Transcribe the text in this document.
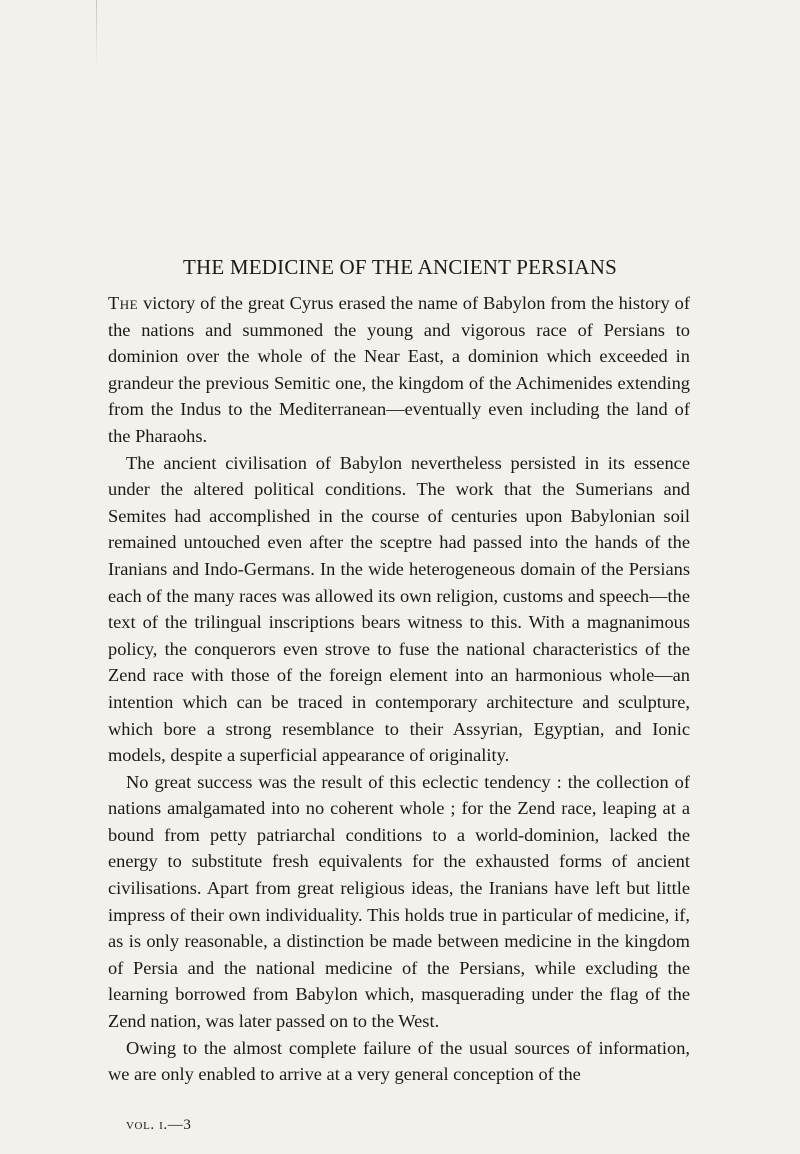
THE MEDICINE OF THE ANCIENT PERSIANS

The victory of the great Cyrus erased the name of Babylon from the history of the nations and summoned the young and vigorous race of Persians to dominion over the whole of the Near East, a dominion which exceeded in grandeur the previous Semitic one, the kingdom of the Achimenides extending from the Indus to the Mediterranean—eventually even including the land of the Pharaohs.

The ancient civilisation of Babylon nevertheless persisted in its essence under the altered political conditions. The work that the Sumerians and Semites had accomplished in the course of centuries upon Babylonian soil remained untouched even after the sceptre had passed into the hands of the Iranians and Indo-Germans. In the wide heterogeneous domain of the Persians each of the many races was allowed its own religion, customs and speech—the text of the trilingual inscriptions bears witness to this. With a magnanimous policy, the conquerors even strove to fuse the national characteristics of the Zend race with those of the foreign element into an harmonious whole—an intention which can be traced in contemporary architecture and sculpture, which bore a strong resemblance to their Assyrian, Egyptian, and Ionic models, despite a superficial appearance of originality.

No great success was the result of this eclectic tendency : the collection of nations amalgamated into no coherent whole ; for the Zend race, leaping at a bound from petty patriarchal conditions to a world-dominion, lacked the energy to substitute fresh equivalents for the exhausted forms of ancient civilisations. Apart from great religious ideas, the Iranians have left but little impress of their own individuality. This holds true in particular of medicine, if, as is only reasonable, a distinction be made between medicine in the kingdom of Persia and the national medicine of the Persians, while excluding the learning borrowed from Babylon which, masquerading under the flag of the Zend nation, was later passed on to the West.

Owing to the almost complete failure of the usual sources of information, we are only enabled to arrive at a very general conception of the

vol. i.—3
